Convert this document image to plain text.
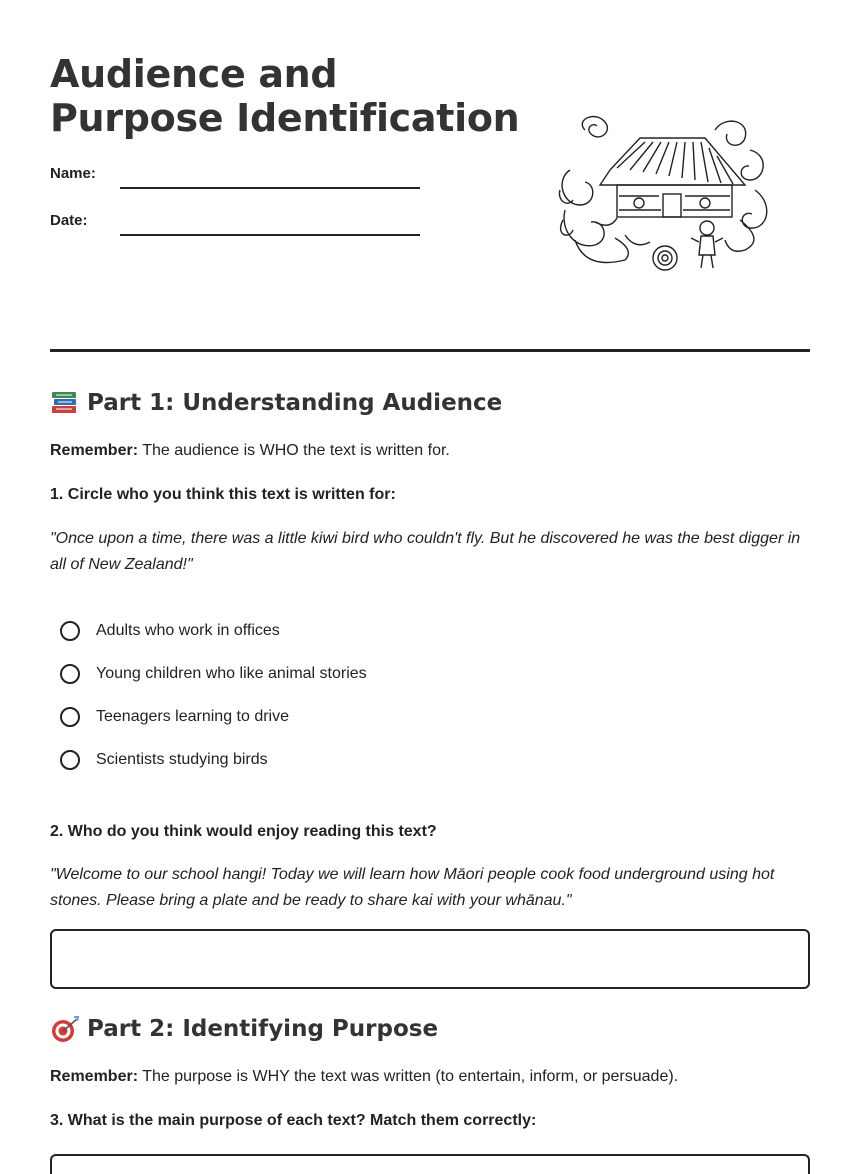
Audience and Purpose Identification
Name:
Date:
Part 1: Understanding Audience

Remember: The audience is WHO the text is written for.

1. Circle who you think this text is written for:

"Once upon a time, there was a little kiwi bird who couldn't fly. But he discovered he was the best digger in all of New Zealand!"

Adults who work in offices
Young children who like animal stories
Teenagers learning to drive
Scientists studying birds

2. Who do you think would enjoy reading this text?

"Welcome to our school hangi! Today we will learn how Māori people cook food underground using hot stones. Please bring a plate and be ready to share kai with your whānau."

Part 2: Identifying Purpose

Remember: The purpose is WHY the text was written (to entertain, inform, or persuade).

3. What is the main purpose of each text? Match them correctly:
